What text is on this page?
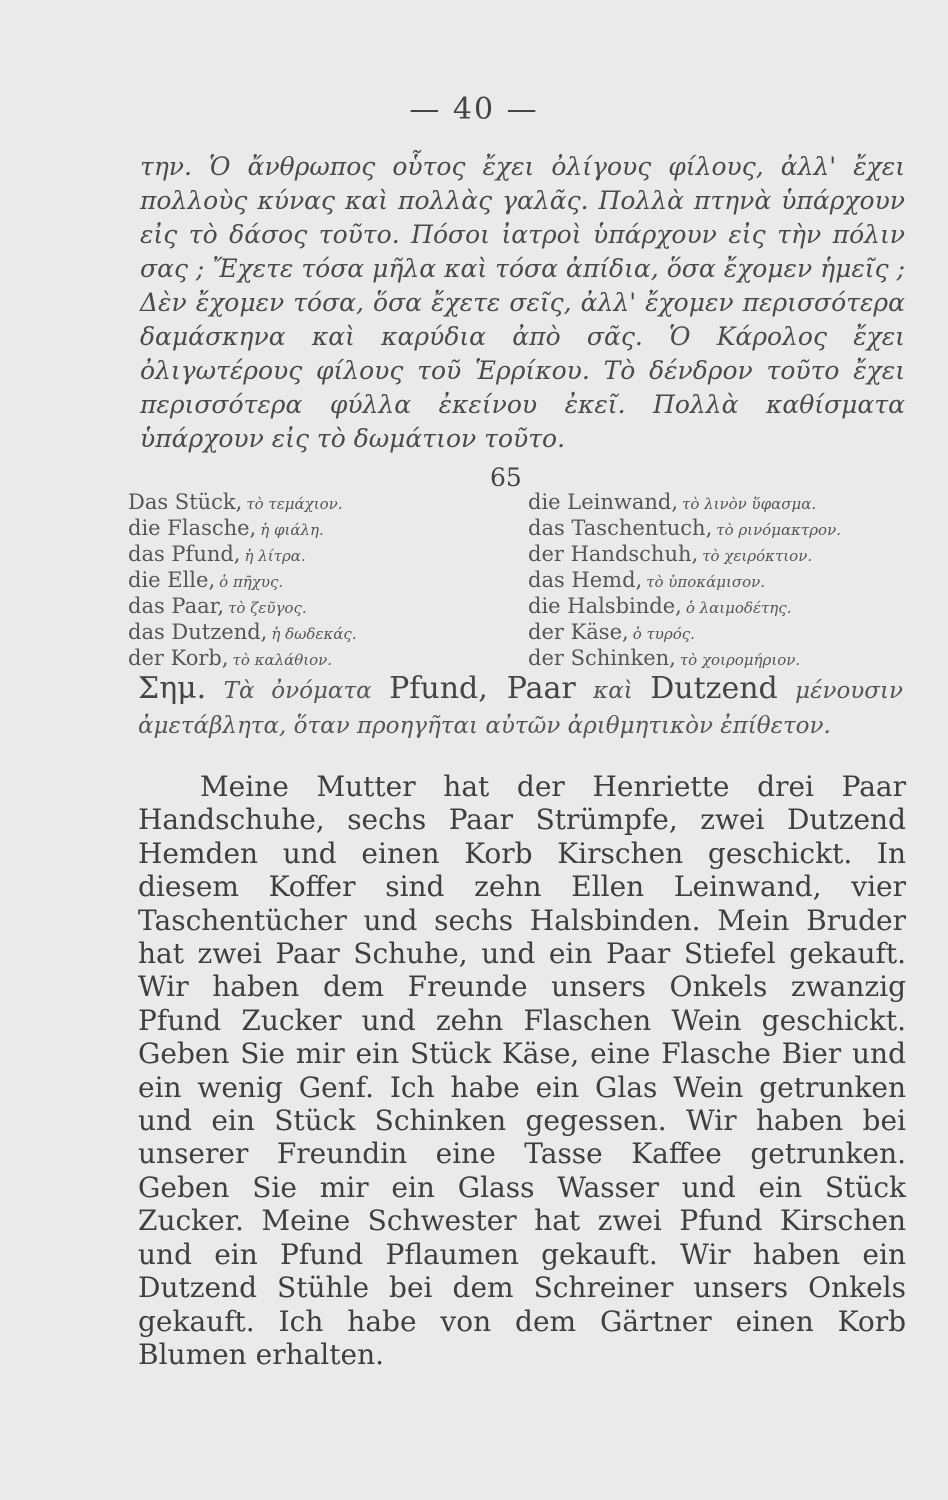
— 40 —
την. Ὁ ἄνθρωπος οὗτος ἔχει ὀλίγους φίλους, ἀλλ' ἔχει πολλοὺς κύνας καὶ πολλὰς γαλᾶς. Πολλὰ πτηνὰ ὑπάρχουν εἰς τὸ δάσος τοῦτο. Πόσοι ἰατροὶ ὑπάρχουν εἰς τὴν πόλιν σας ; Ἔχετε τόσα μῆλα καὶ τόσα ἀπίδια, ὅσα ἔχομεν ἡμεῖς ; Δὲν ἔχομεν τόσα, ὅσα ἔχετε σεῖς, ἀλλ' ἔχομεν περισσότερα δαμάσκηνα καὶ καρύδια ἀπὸ σᾶς. Ὁ Κάρολος ἔχει ὀλιγωτέρους φίλους τοῦ Ἑρρίκου. Τὸ δένδρον τοῦτο ἔχει περισσότερα φύλλα ἐκείνου ἐκεῖ. Πολλὰ καθίσματα ὑπάρχουν εἰς τὸ δωμάτιον τοῦτο.
65
Das Stück, τὸ τεμάχιον.
die Flasche, ἡ φιάλη.
das Pfund, ἡ λίτρα.
die Elle, ὁ πῆχυς.
das Paar, τὸ ζεῦγος.
das Dutzend, ἡ δωδεκάς.
der Korb, τὸ καλάθιον.
die Leinwand, τὸ λινὸν ὕφασμα.
das Taschentuch, τὸ ρινόμακτρον.
der Handschuh, τὸ χειρόκτιον.
das Hemd, τὸ ὑποκάμισον.
die Halsbinde, ὁ λαιμοδέτης.
der Käse, ὁ τυρός.
der Schinken, τὸ χοιρομήριον.
Σημ. Τὰ ὀνόματα Pfund, Paar καὶ Dutzend μένουσιν ἀμετάβλητα, ὅταν προηγῆται αὐτῶν ἀριθμητικὸν ἐπίθετον.
Meine Mutter hat der Henriette drei Paar Handschuhe, sechs Paar Strümpfe, zwei Dutzend Hemden und einen Korb Kirschen geschickt. In diesem Koffer sind zehn Ellen Leinwand, vier Taschentücher und sechs Halsbinden. Mein Bruder hat zwei Paar Schuhe, und ein Paar Stiefel gekauft. Wir haben dem Freunde unsers Onkels zwanzig Pfund Zucker und zehn Flaschen Wein geschickt. Geben Sie mir ein Stück Käse, eine Flasche Bier und ein wenig Genf. Ich habe ein Glas Wein getrunken und ein Stück Schinken gegessen. Wir haben bei unserer Freundin eine Tasse Kaffee getrunken. Geben Sie mir ein Glass Wasser und ein Stück Zucker. Meine Schwester hat zwei Pfund Kirschen und ein Pfund Pflaumen gekauft. Wir haben ein Dutzend Stühle bei dem Schreiner unsers Onkels gekauft. Ich habe von dem Gärtner einen Korb Blumen erhalten.
